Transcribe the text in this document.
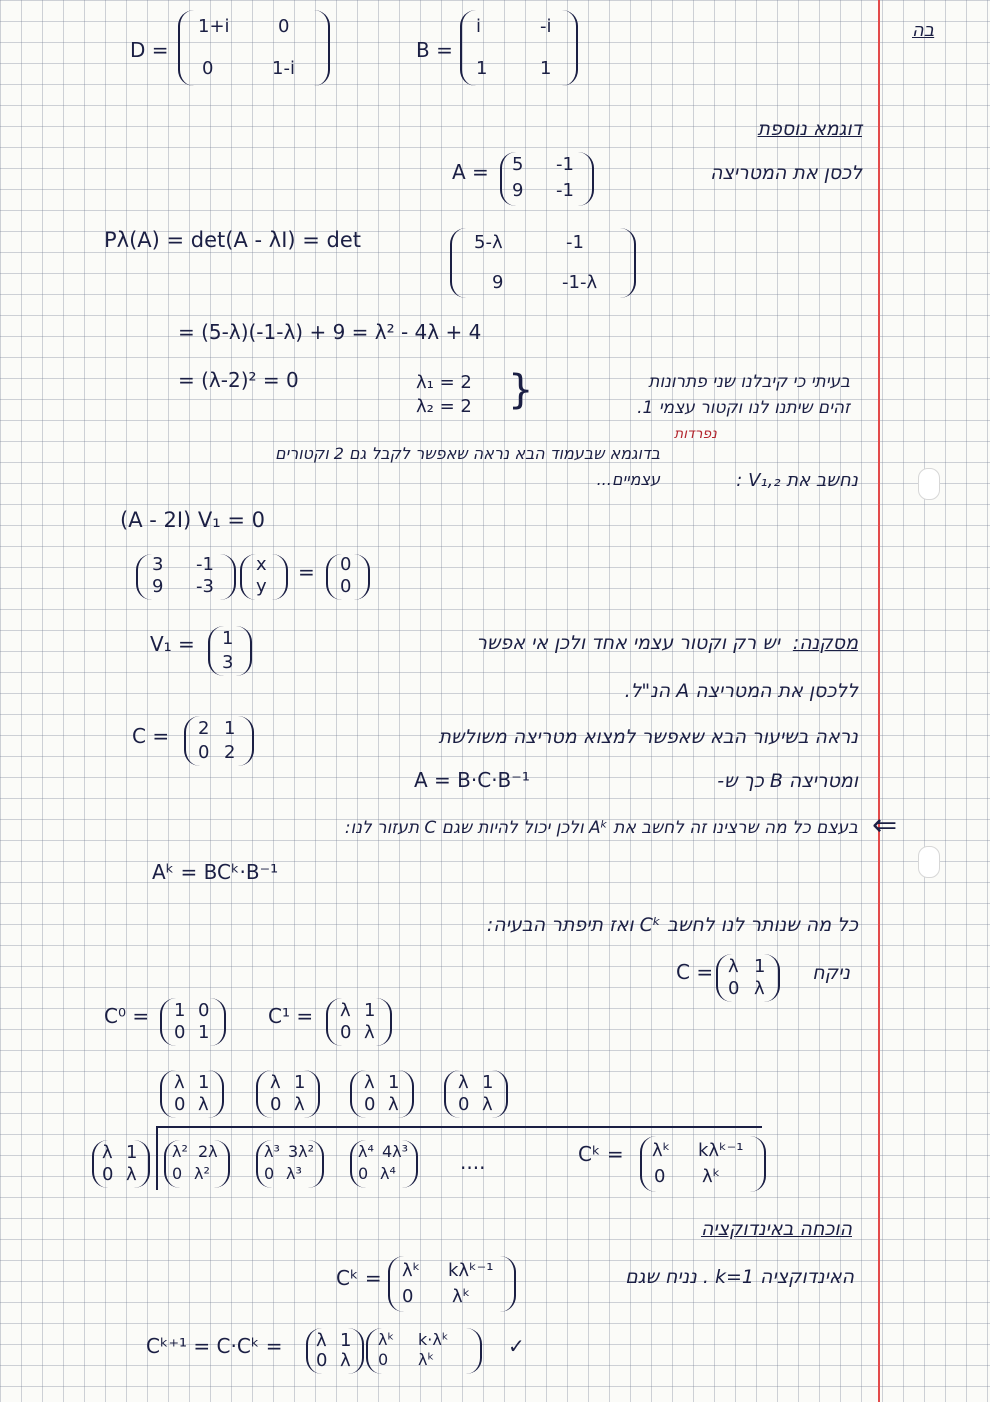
בה
D =
1+i	0
0	1-i
B =
i	-i
1	1
דוגמא נוספת
לכסן את המטריצה
A = 5 -1
9 -1
Pλ(A) = det(A - λI) = det	5-λ	-1
9	-1-λ
= (5-λ)(-1-λ) + 9 = λ² - 4λ + 4
= (λ-2)² = 0	λ₁ = 2
λ₂ = 2 }	בעיתי כי קיבלנו שני פתרונות
זהים שיתנו לנו וקטור עצמי 1.
נפרדות
בדוגמא שבעמוד הבא נראה שאפשר לקבל גם 2 וקטורים
עצמיים...	נחשב את V₁,₂ :
(A - 2I) V₁ = 0
3 -1
9 -3
x
y
= 0
0
V₁ = 1
3
מסקנה:
יש רק וקטור עצמי אחד ולכן אי אפשר
ללכסן את המטריצה A הנ"ל.
נראה בשיעור הבא שאפשר למצוא מטריצה משולשת
C = 2 1
0 2
ומטריצה B כך ש-
A = B·C·B⁻¹
⇐
בעצם כל מה שרצינו זה לחשב את Aᵏ ולכן יכול להיות שגם C תעזור לנו:
Aᵏ = BCᵏ·B⁻¹
כל מה שנותר לנו לחשב Cᵏ ואז תיפתר הבעיה:
ניקח
C = λ 1
0 λ
C⁰ = 1 0
0 1
C¹ = λ 1
0 λ
λ 1
0 λ
λ 1
0 λ
λ 1
0 λ
λ 1
0 λ
λ 1
0 λ
λ² 2λ
0 λ²
λ³ 3λ²
0 λ³
λ⁴ 4λ³
0 λ⁴	....	Cᵏ = λᵏ kλᵏ⁻¹
0 λᵏ
הוכחה באינדוקציה
האינדוקציה k=1 . נניח שגם
Cᵏ = λᵏ kλᵏ⁻¹
0 λᵏ
Cᵏ⁺¹ = C·Cᵏ = λ 1
0 λ
λᵏ k·λᵏ
0 λᵏ
✓
